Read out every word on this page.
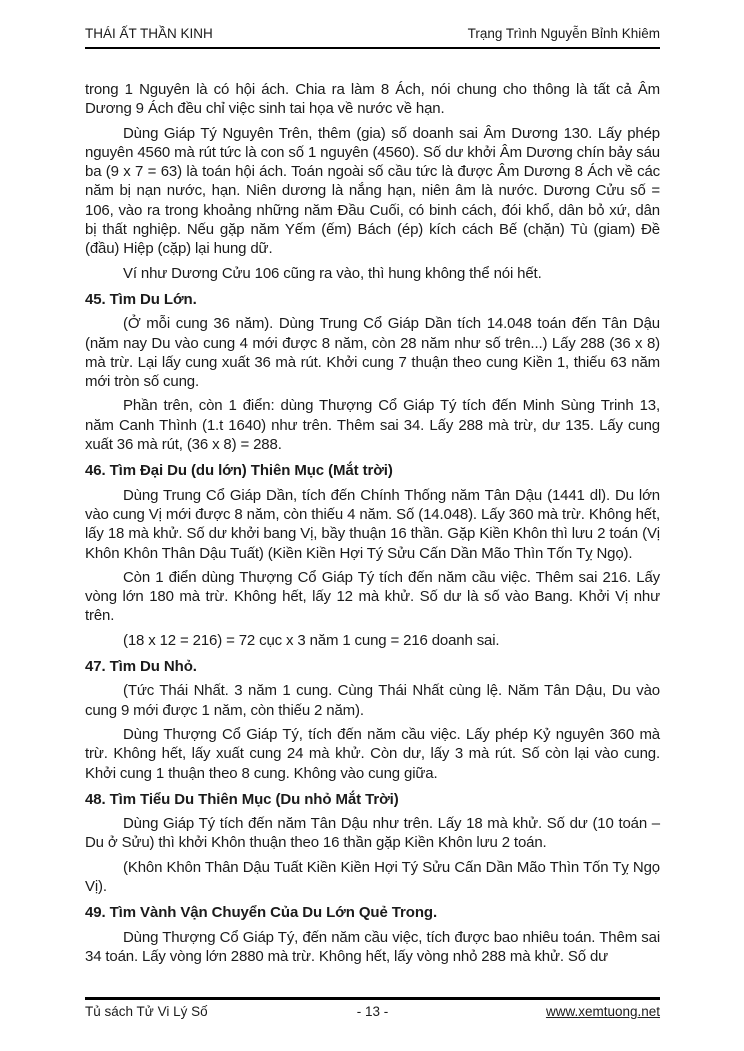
THÁI ẤT THẦN KINH	Trạng Trình Nguyễn Bỉnh Khiêm

trong 1 Nguyên là có hội ách. Chia ra làm 8 Ách, nói chung cho thông là tất cả Âm Dương 9 Ách đều chỉ việc sinh tai họa về nước về hạn.

Dùng Giáp Tý Nguyên Trên, thêm (gia) số doanh sai Âm Dương 130. Lấy phép nguyên 4560 mà rút tức là con số 1 nguyên (4560). Số dư khởi Âm Dương chín bảy sáu ba (9 x 7 = 63) là toán hội ách. Toán ngoài số cầu tức là được Âm Dương 8 Ách về các năm bị nạn nước, hạn. Niên dương là nắng hạn, niên âm là nước. Dương Cửu số = 106, vào ra trong khoảng những năm Đầu Cuối, có binh cách, đói khổ, dân bỏ xứ, dân bị thất nghiệp. Nếu gặp năm Yếm (ếm) Bách (ép) kích cách Bế (chặn) Tù (giam) Đề (đầu) Hiệp (cặp) lại hung dữ.

Ví như Dương Cửu 106 cũng ra vào, thì hung không thể nói hết.

45. Tìm Du Lớn.

(Ở mỗi cung 36 năm). Dùng Trung Cổ Giáp Dần tích 14.048 toán đến Tân Dậu (năm nay Du vào cung 4 mới được 8 năm, còn 28 năm như số trên...) Lấy 288 (36 x 8) mà trừ. Lại lấy cung xuất 36 mà rút. Khởi cung 7 thuận theo cung Kiền 1, thiếu 63 năm mới tròn số cung.

Phần trên, còn 1 điển: dùng Thượng Cổ Giáp Tý tích đến Minh Sùng Trinh 13, năm Canh Thình (1.t 1640) như trên. Thêm sai 34. Lấy 288 mà trừ, dư 135. Lấy cung xuất 36 mà rút, (36 x 8) = 288.

46. Tìm Đại Du (du lớn) Thiên Mục (Mắt trời)

Dùng Trung Cổ Giáp Dần, tích đến Chính Thống năm Tân Dậu (1441 dl). Du lớn vào cung Vị mới được 8 năm, còn thiếu 4 năm. Số (14.048). Lấy 360 mà trừ. Không hết, lấy 18 mà khử. Số dư khởi bang Vị, bầy thuận 16 thần. Gặp Kiền Khôn thì lưu 2 toán (Vị Khôn Khôn Thân Dậu Tuất) (Kiền Kiền Hợi Tý Sửu Cấn Dần Mão Thìn Tốn Tỵ Ngọ).

Còn 1 điển dùng Thượng Cổ Giáp Tý tích đến năm cầu việc. Thêm sai 216. Lấy vòng lớn 180 mà trừ. Không hết, lấy 12 mà khử. Số dư là số vào Bang. Khởi Vị như trên.

(18 x 12 = 216) = 72 cục x 3 năm 1 cung = 216 doanh sai.

47. Tìm Du Nhỏ.

(Tức Thái Nhất. 3 năm 1 cung. Cùng Thái Nhất cùng lệ. Năm Tân Dậu, Du vào cung 9 mới được 1 năm, còn thiếu 2 năm).

Dùng Thượng Cổ Giáp Tý, tích đến năm cầu việc. Lấy phép Kỷ nguyên 360 mà trừ. Không hết, lấy xuất cung 24 mà khử. Còn dư, lấy 3 mà rút. Số còn lại vào cung. Khởi cung 1 thuận theo 8 cung. Không vào cung giữa.

48. Tìm Tiểu Du Thiên Mục (Du nhỏ Mắt Trời)

Dùng Giáp Tý tích đến năm Tân Dậu như trên. Lấy 18 mà khử. Số dư (10 toán – Du ở Sửu) thì khởi Khôn thuận theo 16 thần gặp Kiền Khôn lưu 2 toán.

(Khôn Khôn Thân Dậu Tuất Kiền Kiền Hợi Tý Sửu Cấn Dần Mão Thìn Tốn Tỵ Ngọ Vị).

49. Tìm Vành Vận Chuyển Của Du Lớn Quẻ Trong.

Dùng Thượng Cổ Giáp Tý, đến năm cầu việc, tích được bao nhiêu toán. Thêm sai 34 toán. Lấy vòng lớn 2880 mà trừ. Không hết, lấy vòng nhỏ 288 mà khử. Số dư

Tủ sách Tử Vi Lý Số	- 13 -	www.xemtuong.net
